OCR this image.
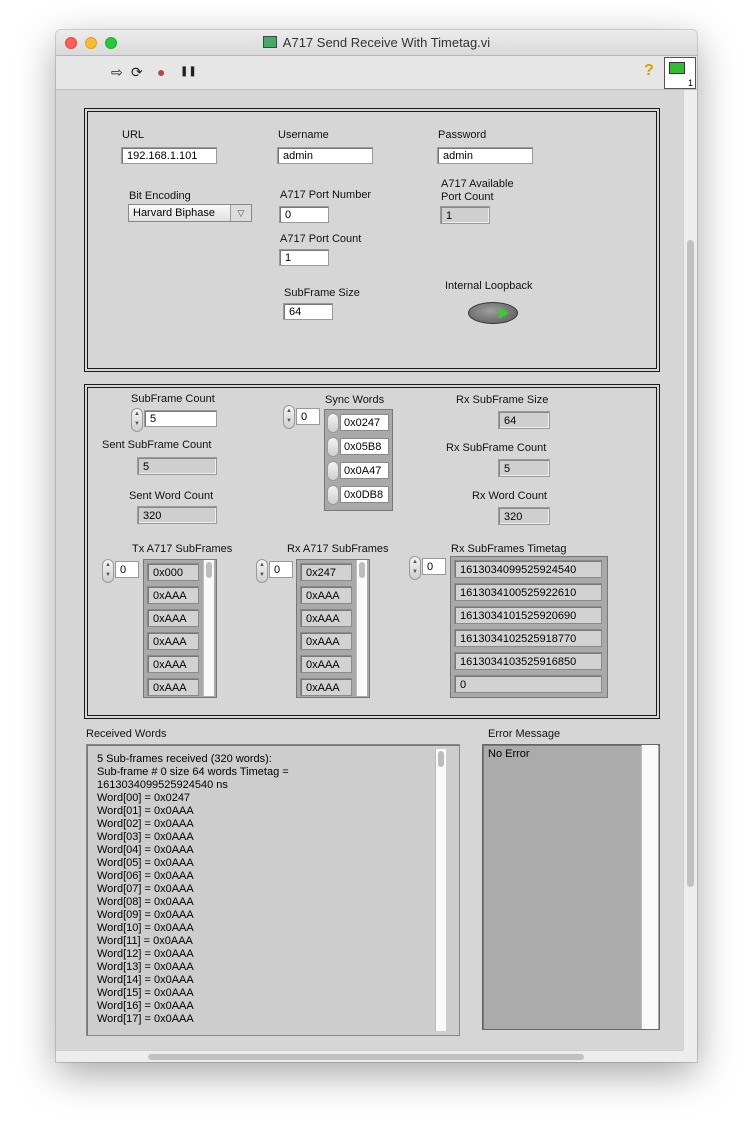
A717 Send Receive With Timetag.vi
⇨ ⟳ ● ❚❚	?
1
URL
192.168.1.101
Username
admin
Password
admin
Bit Encoding
Harvard Biphase	▽
A717 Port Number
0
A717 Available
Port Count
1
A717 Port Count
1
SubFrame Size
64
Internal Loopback
SubFrame Count
▲
▼ 5
Sent SubFrame Count
5
Sent Word Count
320
Sync Words
▲
▼ 0	0x0247
0x05B8
0x0A47
0x0DB8
Rx SubFrame Size
64
Rx SubFrame Count
5
Rx Word Count
320
Tx A717 SubFrames
▲
▼ 0	0x000
0xAAA
0xAAA
0xAAA
0xAAA
0xAAA
Rx A717 SubFrames
▲
▼ 0	0x247
0xAAA
0xAAA
0xAAA
0xAAA
0xAAA
Rx SubFrames Timetag
▲
▼ 0	1613034099525924540
1613034100525922610
1613034101525920690
1613034102525918770
1613034103525916850
0
Received Words
5 Sub-frames received (320 words):
Sub-frame # 0 size 64 words Timetag =
1613034099525924540 ns
Word[00] = 0x0247
Word[01] = 0x0AAA
Word[02] = 0x0AAA
Word[03] = 0x0AAA
Word[04] = 0x0AAA
Word[05] = 0x0AAA
Word[06] = 0x0AAA
Word[07] = 0x0AAA
Word[08] = 0x0AAA
Word[09] = 0x0AAA
Word[10] = 0x0AAA
Word[11] = 0x0AAA
Word[12] = 0x0AAA
Word[13] = 0x0AAA
Word[14] = 0x0AAA
Word[15] = 0x0AAA
Word[16] = 0x0AAA
Word[17] = 0x0AAA
Error Message
No Error
